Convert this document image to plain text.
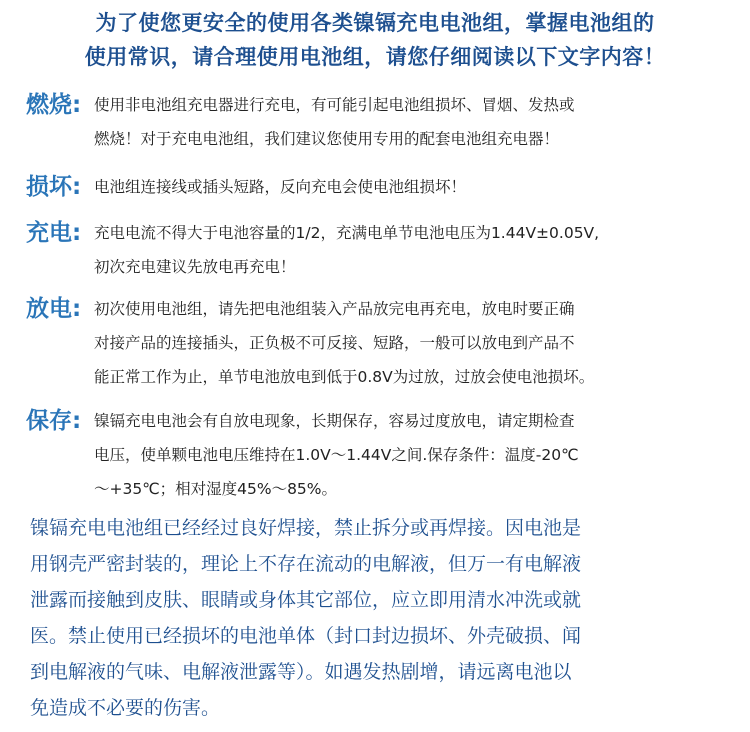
为了使您更安全的使用各类镍镉充电电池组，掌握电池组的
使用常识，请合理使用电池组，请您仔细阅读以下文字内容！
燃烧: 使用非电池组充电器进行充电，有可能引起电池组损坏、冒烟、发热或
燃烧！对于充电电池组，我们建议您使用专用的配套电池组充电器！
损坏: 电池组连接线或插头短路，反向充电会使电池组损坏！
充电: 充电电流不得大于电池容量的1/2，充满电单节电池电压为1.44V±0.05V,
初次充电建议先放电再充电！
放电: 初次使用电池组，请先把电池组装入产品放完电再充电，放电时要正确
对接产品的连接插头，正负极不可反接、短路，一般可以放电到产品不
能正常工作为止，单节电池放电到低于0.8V为过放，过放会使电池损坏。
保存: 镍镉充电电池会有自放电现象，长期保存，容易过度放电，请定期检查
电压，使单颗电池电压维持在1.0V～1.44V之间.保存条件：温度-20℃
～+35℃；相对湿度45%～85%。
镍镉充电电池组已经经过良好焊接，禁止拆分或再焊接。因电池是
用钢壳严密封装的，理论上不存在流动的电解液，但万一有电解液
泄露而接触到皮肤、眼睛或身体其它部位，应立即用清水冲洗或就
医。禁止使用已经损坏的电池单体（封口封边损坏、外壳破损、闻
到电解液的气味、电解液泄露等）。如遇发热剧增，请远离电池以
免造成不必要的伤害。
